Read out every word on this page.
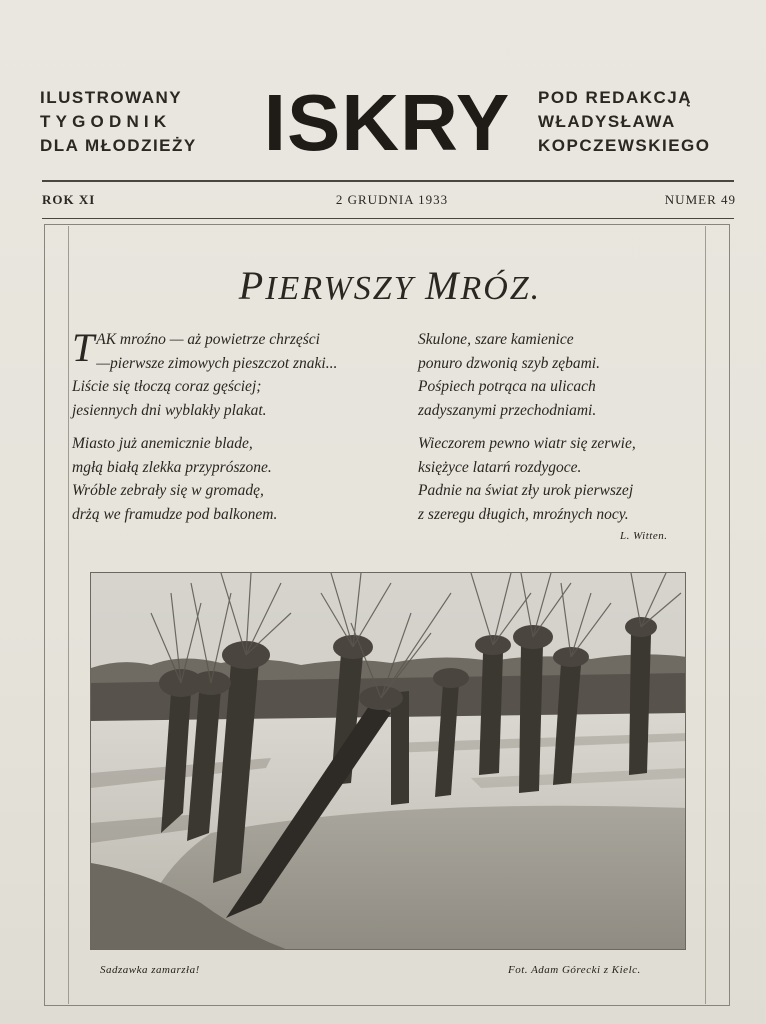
ILUSTROWANY
TYGODNIK
DLA MŁODZIEŻY ISKRY	POD REDAKCJĄ
WŁADYSŁAWA
KOPCZEWSKIEGO
ROK XI	2 GRUDNIA 1933	NUMER 49
PIERWSZY MRÓZ.
T AK mroźno — aż powietrze chrzęści
—pierwsze zimowych pieszczot znaki...
Liście się tłoczą coraz gęściej;
jesiennych dni wyblakły plakat.
Miasto już anemicznie blade,
mgłą białą zlekka przyprószone.
Wróble zebrały się w gromadę,
drżą we framudze pod balkonem.
Skulone, szare kamienice
ponuro dzwonią szyb zębami.
Pośpiech potrąca na ulicach
zadyszanymi przechodniami.
Wieczorem pewno wiatr się zerwie,
księżyce latarń rozdygoce.
Padnie na świat zły urok pierwszej
z szeregu długich, mroźnych nocy.
L. Witten.
Sadzawka zamarzła!	Fot. Adam Górecki z Kielc.
